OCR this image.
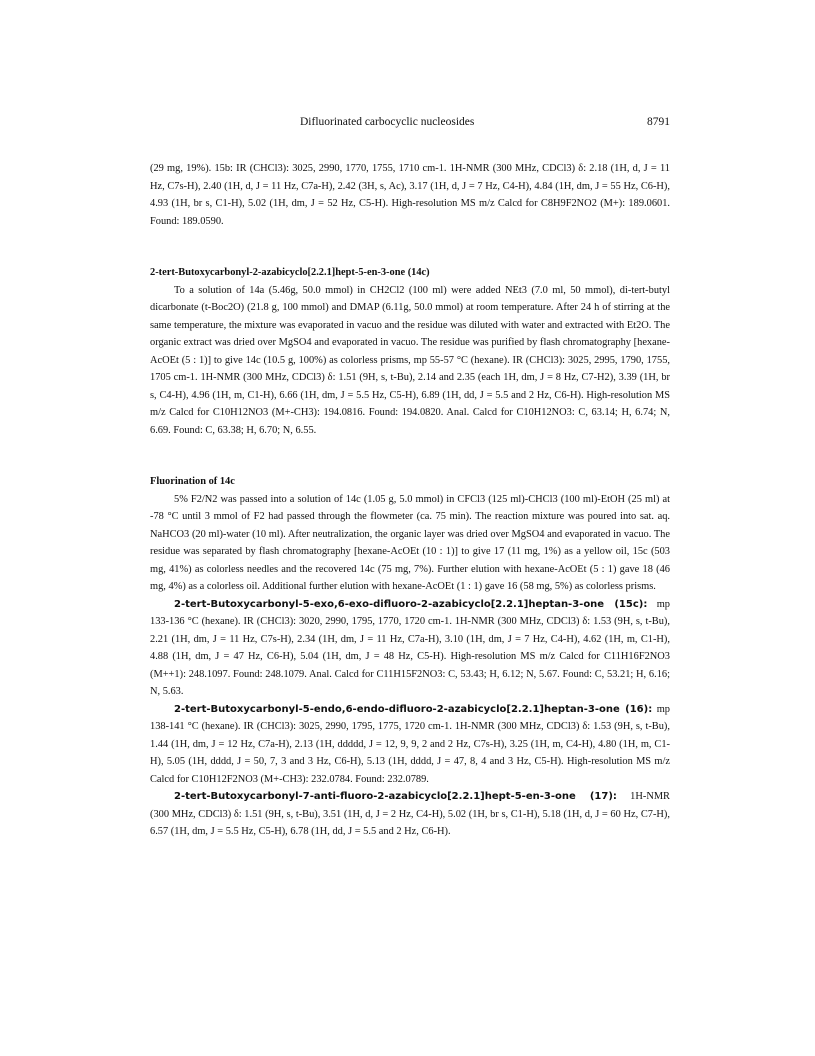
Difluorinated carbocyclic nucleosides	8791

(29 mg, 19%). 15b: IR (CHCl3): 3025, 2990, 1770, 1755, 1710 cm-1. 1H-NMR (300 MHz, CDCl3) δ: 2.18 (1H, d, J = 11 Hz, C7s-H), 2.40 (1H, d, J = 11 Hz, C7a-H), 2.42 (3H, s, Ac), 3.17 (1H, d, J = 7 Hz, C4-H), 4.84 (1H, dm, J = 55 Hz, C6-H), 4.93 (1H, br s, C1-H), 5.02 (1H, dm, J = 52 Hz, C5-H). High-resolution MS m/z Calcd for C8H9F2NO2 (M+): 189.0601. Found: 189.0590.

2-tert-Butoxycarbonyl-2-azabicyclo[2.2.1]hept-5-en-3-one (14c)

To a solution of 14a (5.46g, 50.0 mmol) in CH2Cl2 (100 ml) were added NEt3 (7.0 ml, 50 mmol), di-tert-butyl dicarbonate (t-Boc2O) (21.8 g, 100 mmol) and DMAP (6.11g, 50.0 mmol) at room temperature. After 24 h of stirring at the same temperature, the mixture was evaporated in vacuo and the residue was diluted with water and extracted with Et2O. The organic extract was dried over MgSO4 and evaporated in vacuo. The residue was purified by flash chromatography [hexane-AcOEt (5 : 1)] to give 14c (10.5 g, 100%) as colorless prisms, mp 55-57 °C (hexane). IR (CHCl3): 3025, 2995, 1790, 1755, 1705 cm-1. 1H-NMR (300 MHz, CDCl3) δ: 1.51 (9H, s, t-Bu), 2.14 and 2.35 (each 1H, dm, J = 8 Hz, C7-H2), 3.39 (1H, br s, C4-H), 4.96 (1H, m, C1-H), 6.66 (1H, dm, J = 5.5 Hz, C5-H), 6.89 (1H, dd, J = 5.5 and 2 Hz, C6-H). High-resolution MS m/z Calcd for C10H12NO3 (M+-CH3): 194.0816. Found: 194.0820. Anal. Calcd for C10H12NO3: C, 63.14; H, 6.74; N, 6.69. Found: C, 63.38; H, 6.70; N, 6.55.

Fluorination of 14c

5% F2/N2 was passed into a solution of 14c (1.05 g, 5.0 mmol) in CFCl3 (125 ml)-CHCl3 (100 ml)-EtOH (25 ml) at -78 °C until 3 mmol of F2 had passed through the flowmeter (ca. 75 min). The reaction mixture was poured into sat. aq. NaHCO3 (20 ml)-water (10 ml). After neutralization, the organic layer was dried over MgSO4 and evaporated in vacuo. The residue was separated by flash chromatography [hexane-AcOEt (10 : 1)] to give 17 (11 mg, 1%) as a yellow oil, 15c (503 mg, 41%) as colorless needles and the recovered 14c (75 mg, 7%). Further elution with hexane-AcOEt (5 : 1) gave 18 (46 mg, 4%) as a colorless oil. Additional further elution with hexane-AcOEt (1 : 1) gave 16 (58 mg, 5%) as colorless prisms.

2-tert-Butoxycarbonyl-5-exo,6-exo-difluoro-2-azabicyclo[2.2.1]heptan-3-one (15c): mp 133-136 °C (hexane). IR (CHCl3): 3020, 2990, 1795, 1770, 1720 cm-1. 1H-NMR (300 MHz, CDCl3) δ: 1.53 (9H, s, t-Bu), 2.21 (1H, dm, J = 11 Hz, C7s-H), 2.34 (1H, dm, J = 11 Hz, C7a-H), 3.10 (1H, dm, J = 7 Hz, C4-H), 4.62 (1H, m, C1-H), 4.88 (1H, dm, J = 47 Hz, C6-H), 5.04 (1H, dm, J = 48 Hz, C5-H). High-resolution MS m/z Calcd for C11H16F2NO3 (M++1): 248.1097. Found: 248.1079. Anal. Calcd for C11H15F2NO3: C, 53.43; H, 6.12; N, 5.67. Found: C, 53.21; H, 6.16; N, 5.63.

2-tert-Butoxycarbonyl-5-endo,6-endo-difluoro-2-azabicyclo[2.2.1]heptan-3-one (16): mp 138-141 °C (hexane). IR (CHCl3): 3025, 2990, 1795, 1775, 1720 cm-1. 1H-NMR (300 MHz, CDCl3) δ: 1.53 (9H, s, t-Bu), 1.44 (1H, dm, J = 12 Hz, C7a-H), 2.13 (1H, ddddd, J = 12, 9, 9, 2 and 2 Hz, C7s-H), 3.25 (1H, m, C4-H), 4.80 (1H, m, C1-H), 5.05 (1H, dddd, J = 50, 7, 3 and 3 Hz, C6-H), 5.13 (1H, dddd, J = 47, 8, 4 and 3 Hz, C5-H). High-resolution MS m/z Calcd for C10H12F2NO3 (M+-CH3): 232.0784. Found: 232.0789.

2-tert-Butoxycarbonyl-7-anti-fluoro-2-azabicyclo[2.2.1]hept-5-en-3-one (17): 1H-NMR (300 MHz, CDCl3) δ: 1.51 (9H, s, t-Bu), 3.51 (1H, d, J = 2 Hz, C4-H), 5.02 (1H, br s, C1-H), 5.18 (1H, d, J = 60 Hz, C7-H), 6.57 (1H, dm, J = 5.5 Hz, C5-H), 6.78 (1H, dd, J = 5.5 and 2 Hz, C6-H).
